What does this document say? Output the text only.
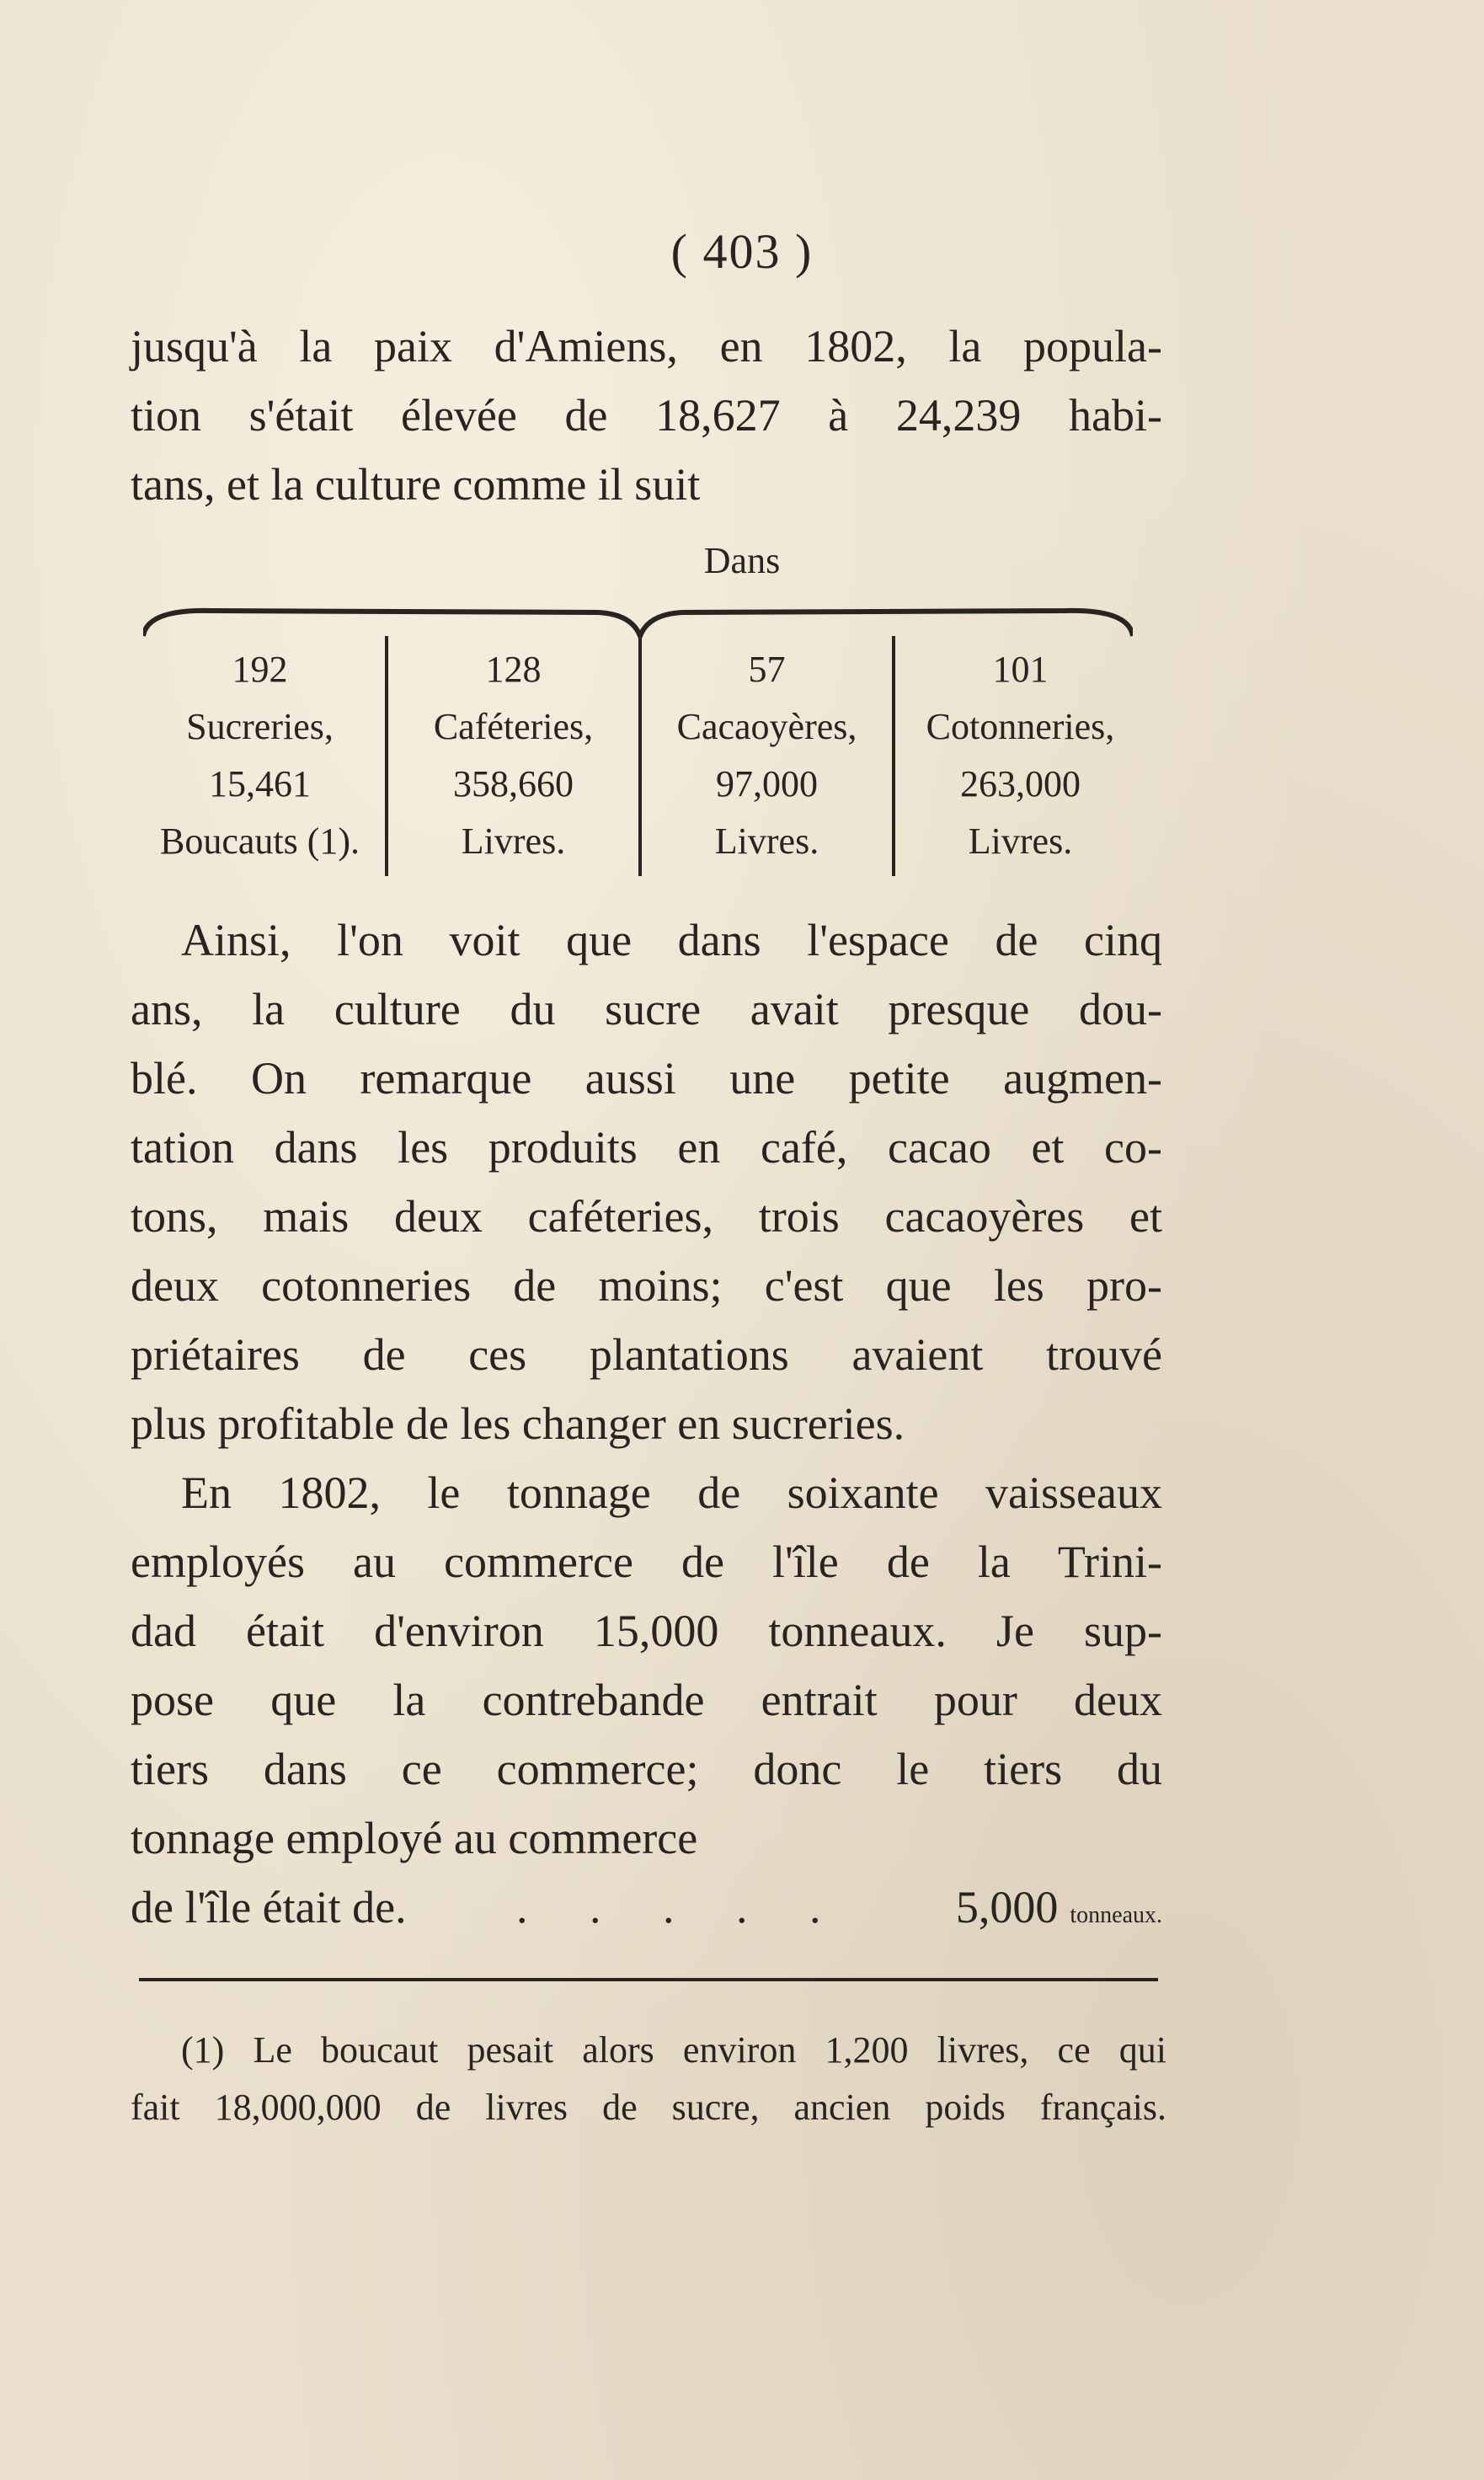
( 403 )
jusqu'à la paix d'Amiens, en 1802, la popula-
tion s'était élevée de 18,627 à 24,239 habi-
tans, et la culture comme il suit
Dans
192
Sucreries,
15,461
Boucauts (1).
128
Caféteries,
358,660
Livres.
57
Cacaoyères,
97,000
Livres.
101
Cotonneries,
263,000
Livres.
Ainsi, l'on voit que dans l'espace de cinq
ans, la culture du sucre avait presque dou-
blé. On remarque aussi une petite augmen-
tation dans les produits en café, cacao et co-
tons, mais deux caféteries, trois cacaoyères et
deux cotonneries de moins; c'est que les pro-
priétaires de ces plantations avaient trouvé
plus profitable de les changer en sucreries.
En 1802, le tonnage de soixante vaisseaux
employés au commerce de l'île de la Trini-
dad était d'environ 15,000 tonneaux. Je sup-
pose que la contrebande entrait pour deux
tiers dans ce commerce; donc le tiers du
tonnage employé au commerce
de l'île était de.	. . . . .	5,000 tonneaux.
(1) Le boucaut pesait alors environ 1,200 livres, ce qui
fait 18,000,000 de livres de sucre, ancien poids français.
